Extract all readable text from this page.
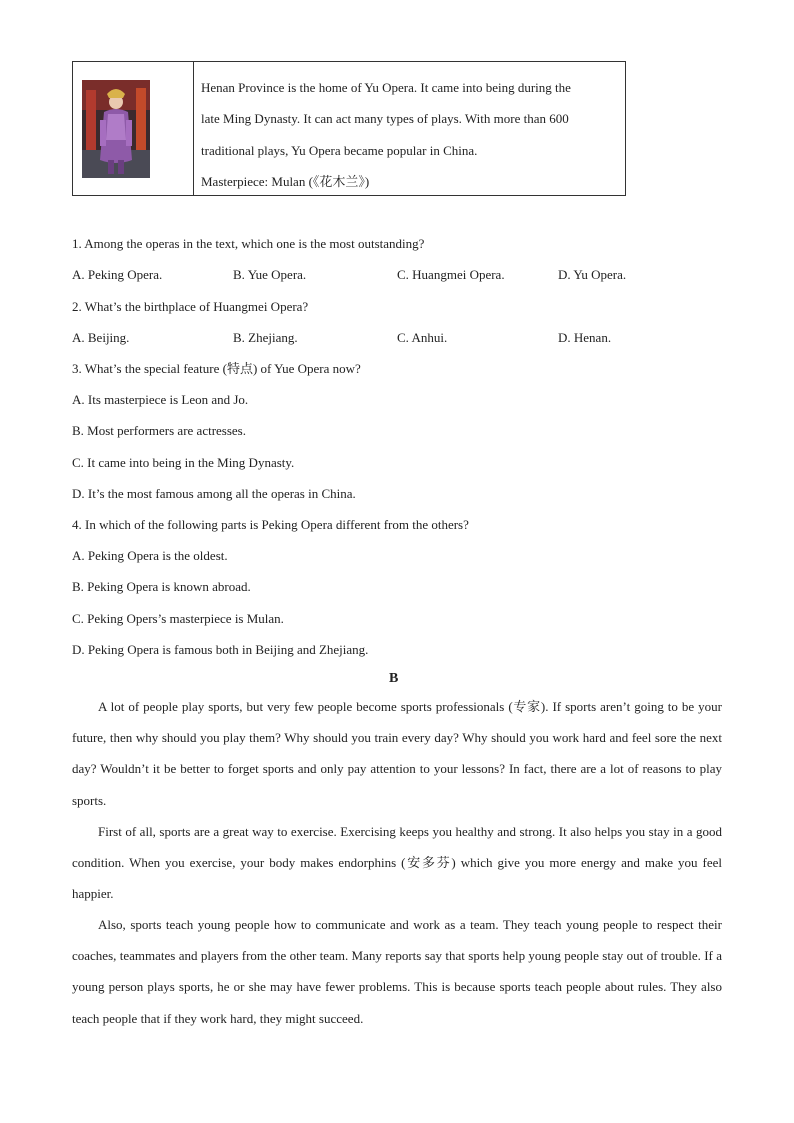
Henan Province is the home of Yu Opera. It came into being during the
late Ming Dynasty. It can act many types of plays. With more than 600
traditional plays, Yu Opera became popular in China.
Masterpiece: Mulan (《花木兰》)
1. Among the operas in the text, which one is the most outstanding?
A. Peking Opera.	B. Yue Opera.	C. Huangmei Opera.	D. Yu Opera.
2. What’s the birthplace of Huangmei Opera?
A. Beijing.	B. Zhejiang.	C. Anhui.	D. Henan.
3. What’s the special feature (特点) of Yue Opera now?
A. Its masterpiece is Leon and Jo.
B. Most performers are actresses.
C. It came into being in the Ming Dynasty.
D. It’s the most famous among all the operas in China.
4. In which of the following parts is Peking Opera different from the others?
A. Peking Opera is the oldest.
B. Peking Opera is known abroad.
C. Peking Opers’s masterpiece is Mulan.
D. Peking Opera is famous both in Beijing and Zhejiang.
B

A lot of people play sports, but very few people become sports professionals (专家). If sports aren’t going to be your future, then why should you play them? Why should you train every day? Why should you work hard and feel sore the next day? Wouldn’t it be better to forget sports and only pay attention to your lessons? In fact, there are a lot of reasons to play sports.

First of all, sports are a great way to exercise. Exercising keeps you healthy and strong. It also helps you stay in a good condition. When you exercise, your body makes endorphins (安多芬) which give you more energy and make you feel happier.

Also, sports teach young people how to communicate and work as a team. They teach young people to respect their coaches, teammates and players from the other team. Many reports say that sports help young people stay out of trouble. If a young person plays sports, he or she may have fewer problems. This is because sports teach people about rules. They also teach people that if they work hard, they might succeed.
